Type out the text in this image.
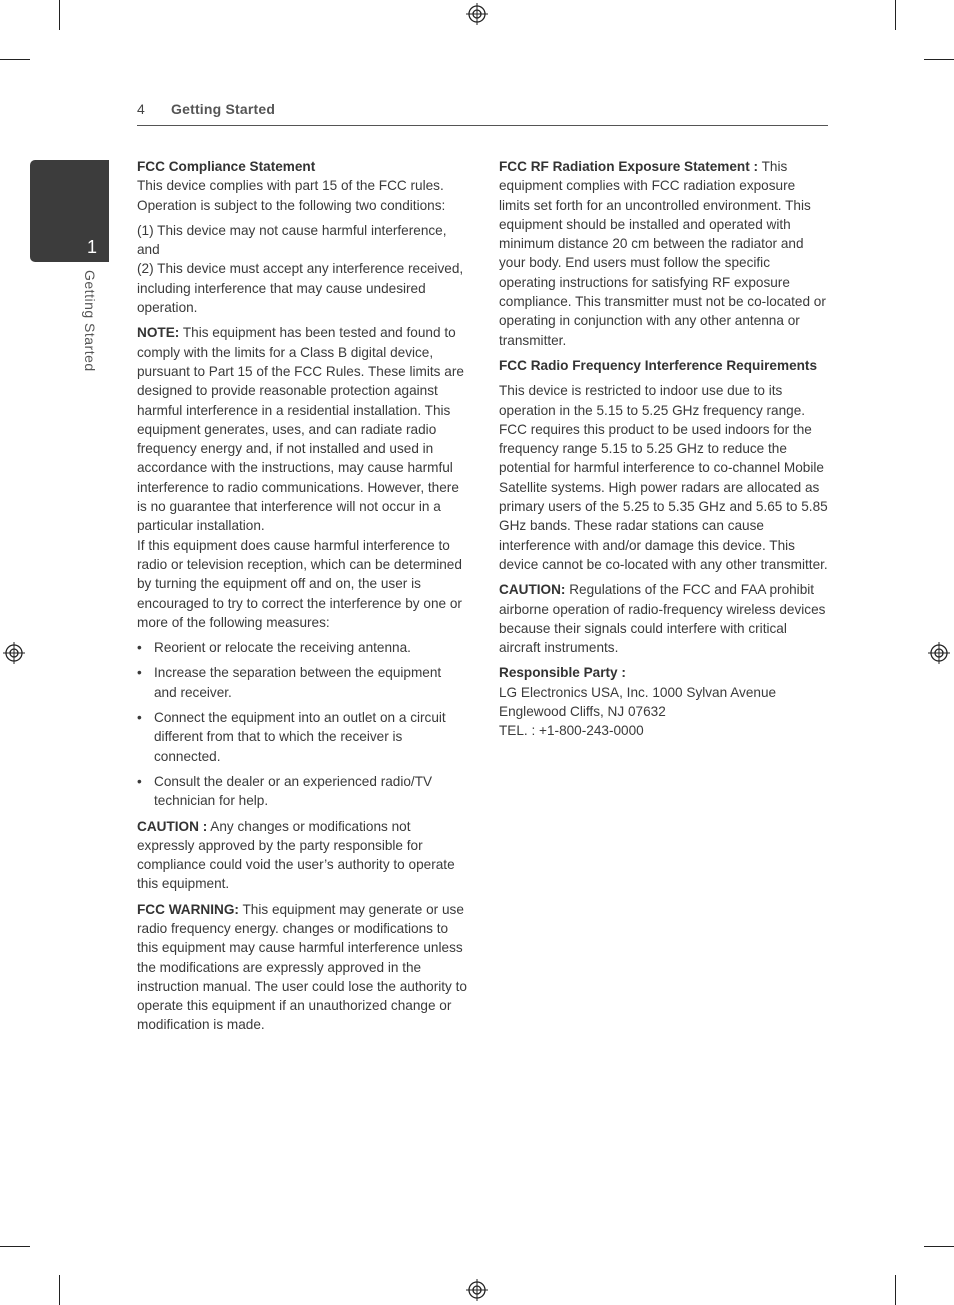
4 Getting Started
1
Getting Started

FCC Compliance Statement
This device complies with part 15 of the FCC rules. Operation is subject to the following two conditions:

(1) This device may not cause harmful interference, and
(2) This device must accept any interference received, including interference that may cause undesired operation.

NOTE: This equipment has been tested and found to comply with the limits for a Class B digital device, pursuant to Part 15 of the FCC Rules. These limits are designed to provide reasonable protection against harmful interference in a residential installation. This equipment generates, uses, and can radiate radio frequency energy and, if not installed and used in accordance with the instructions, may cause harmful interference to radio communications. However, there is no guarantee that interference will not occur in a particular installation.
If this equipment does cause harmful interference to radio or television reception, which can be determined by turning the equipment off and on, the user is encouraged to try to correct the interference by one or more of the following measures:

• Reorient or relocate the receiving antenna.
• Increase the separation between the equipment and receiver.
• Connect the equipment into an outlet on a circuit different from that to which the receiver is connected.
• Consult the dealer or an experienced radio/TV technician for help.

CAUTION : Any changes or modifications not expressly approved by the party responsible for compliance could void the user’s authority to operate this equipment.

FCC WARNING: This equipment may generate or use radio frequency energy. changes or modifications to this equipment may cause harmful interference unless the modifications are expressly approved in the instruction manual. The user could lose the authority to operate this equipment if an unauthorized change or modification is made.

FCC RF Radiation Exposure Statement : This equipment complies with FCC radiation exposure limits set forth for an uncontrolled environment. This equipment should be installed and operated with minimum distance 20 cm between the radiator and your body. End users must follow the specific operating instructions for satisfying RF exposure compliance. This transmitter must not be co-located or operating in conjunction with any other antenna or transmitter.

FCC Radio Frequency Interference Requirements

This device is restricted to indoor use due to its operation in the 5.15 to 5.25 GHz frequency range. FCC requires this product to be used indoors for the frequency range 5.15 to 5.25 GHz to reduce the potential for harmful interference to co-channel Mobile Satellite systems. High power radars are allocated as primary users of the 5.25 to 5.35 GHz and 5.65 to 5.85 GHz bands. These radar stations can cause interference with and/or damage this device. This device cannot be co-located with any other transmitter.

CAUTION: Regulations of the FCC and FAA prohibit airborne operation of radio-frequency wireless devices because their signals could interfere with critical aircraft instruments.

Responsible Party :
LG Electronics USA, Inc. 1000 Sylvan Avenue
Englewood Cliffs, NJ 07632
TEL. : +1-800-243-0000
